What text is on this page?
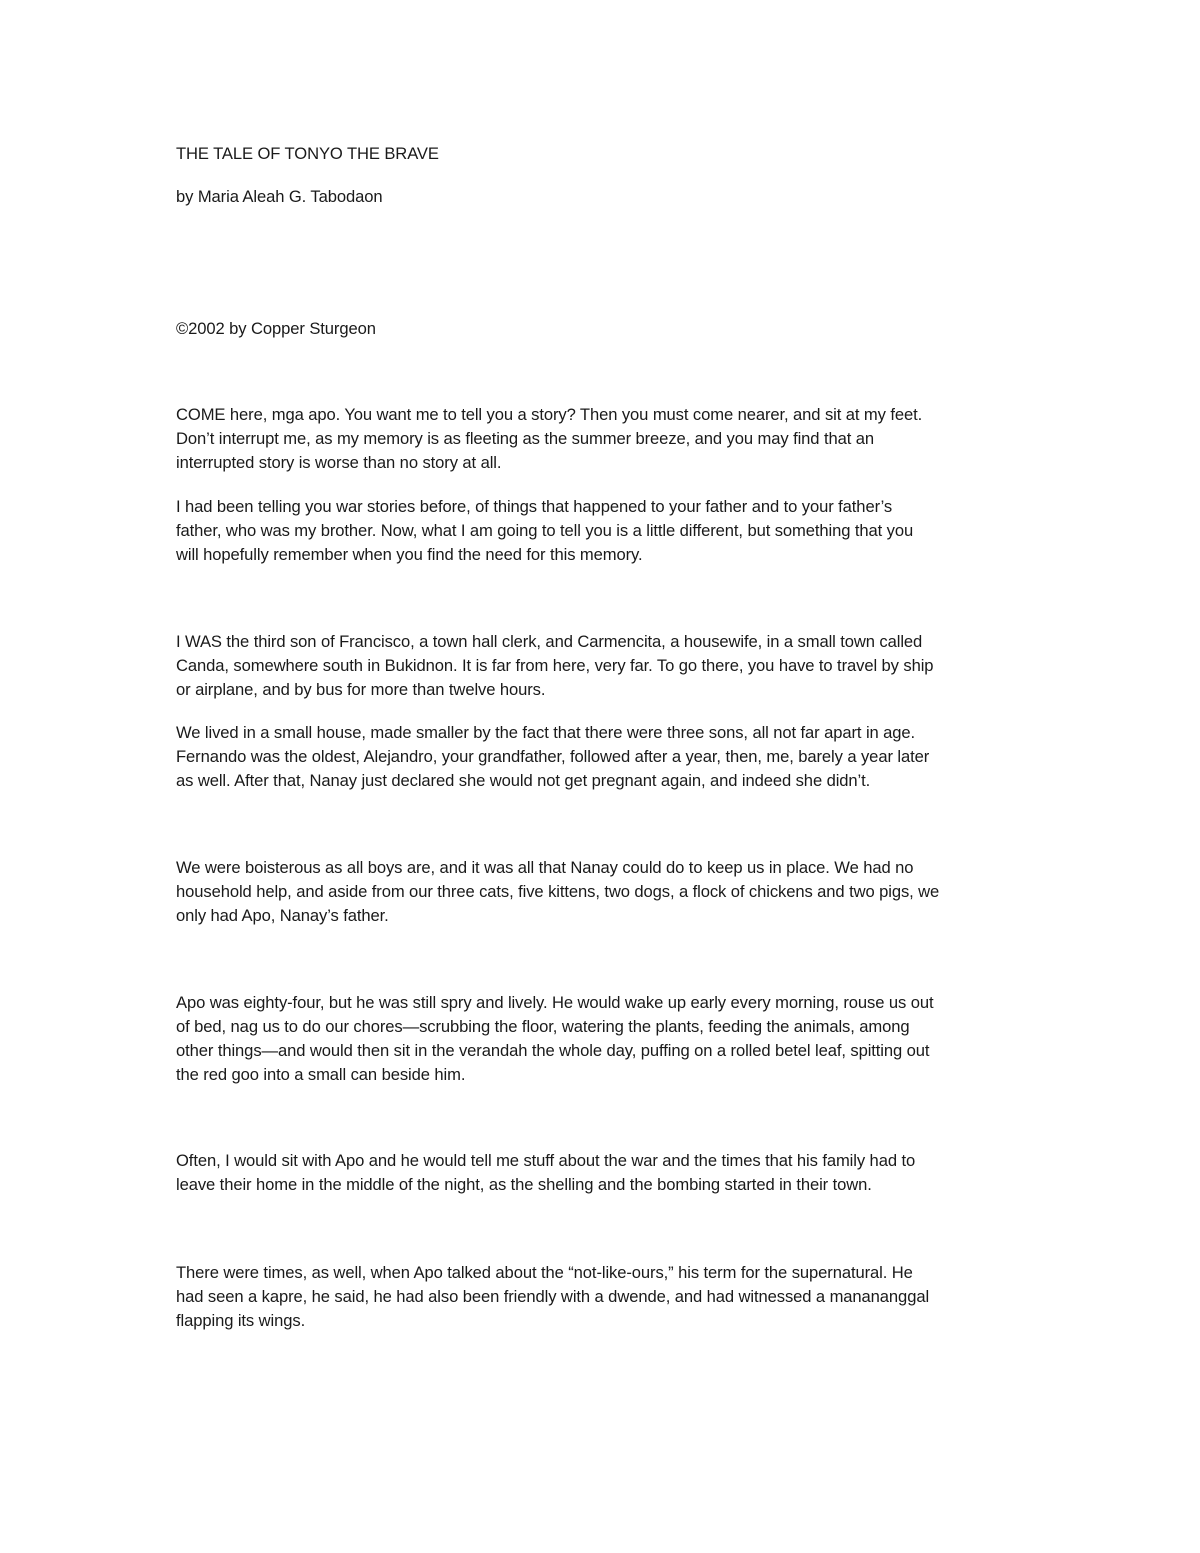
THE TALE OF TONYO THE BRAVE

by Maria Aleah G. Tabodaon

©2002 by Copper Sturgeon

COME here, mga apo. You want me to tell you a story? Then you must come nearer, and sit at my feet.

Don’t interrupt me, as my memory is as fleeting as the summer breeze, and you may find that an

interrupted story is worse than no story at all.

I had been telling you war stories before, of things that happened to your father and to your father’s

father, who was my brother. Now, what I am going to tell you is a little different, but something that you

will hopefully remember when you find the need for this memory.

I WAS the third son of Francisco, a town hall clerk, and Carmencita, a housewife, in a small town called

Canda, somewhere south in Bukidnon. It is far from here, very far. To go there, you have to travel by ship

or airplane, and by bus for more than twelve hours.

We lived in a small house, made smaller by the fact that there were three sons, all not far apart in age.

Fernando was the oldest, Alejandro, your grandfather, followed after a year, then, me, barely a year later

as well. After that, Nanay just declared she would not get pregnant again, and indeed she didn’t.

We were boisterous as all boys are, and it was all that Nanay could do to keep us in place. We had no

household help, and aside from our three cats, five kittens, two dogs, a flock of chickens and two pigs, we

only had Apo, Nanay’s father.

Apo was eighty-four, but he was still spry and lively. He would wake up early every morning, rouse us out

of bed, nag us to do our chores—scrubbing the floor, watering the plants, feeding the animals, among

other things—and would then sit in the verandah the whole day, puffing on a rolled betel leaf, spitting out

the red goo into a small can beside him.

Often, I would sit with Apo and he would tell me stuff about the war and the times that his family had to

leave their home in the middle of the night, as the shelling and the bombing started in their town.

There were times, as well, when Apo talked about the “not-like-ours,” his term for the supernatural. He

had seen a kapre, he said, he had also been friendly with a dwende, and had witnessed a manananggal

flapping its wings.
